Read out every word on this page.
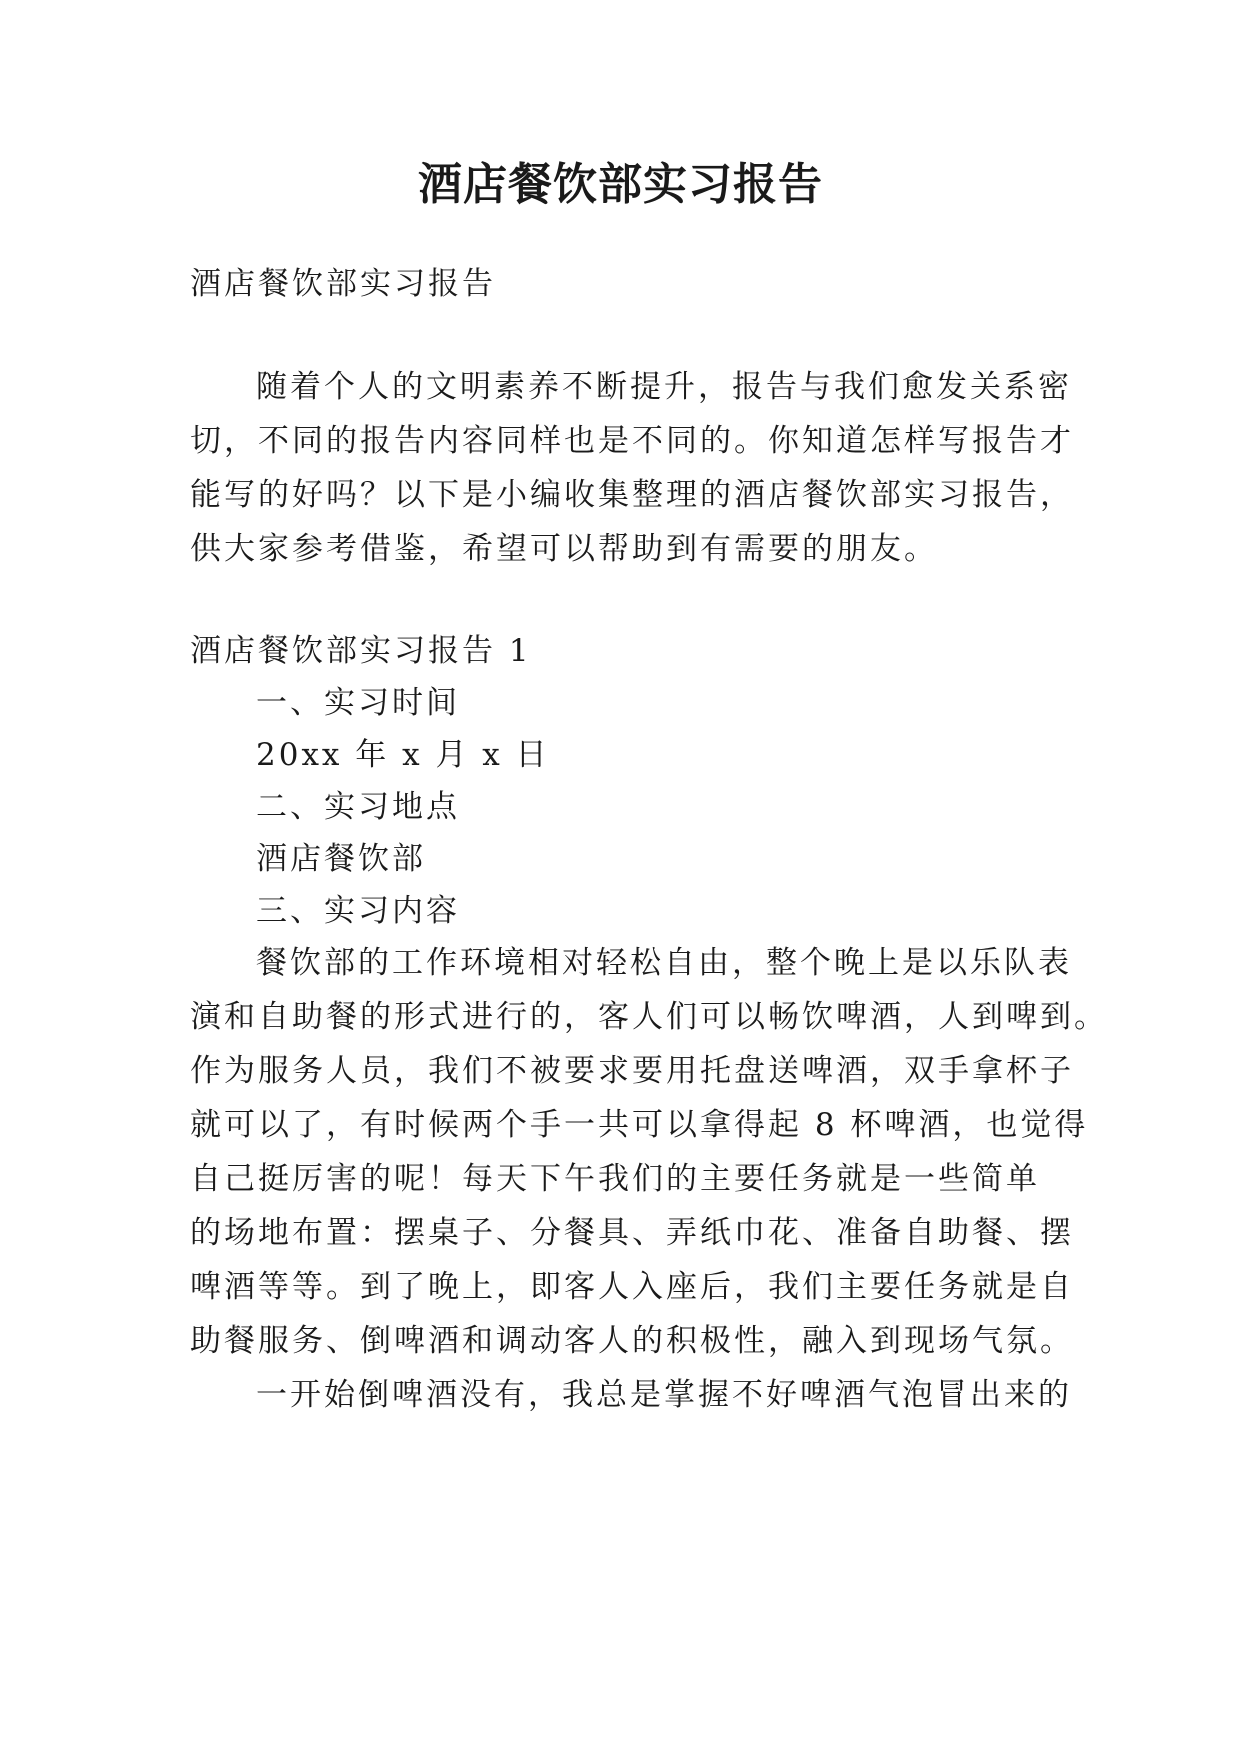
酒店餐饮部实习报告
酒店餐饮部实习报告
随着个人的文明素养不断提升，报告与我们愈发关系密
切，不同的报告内容同样也是不同的。你知道怎样写报告才
能写的好吗？以下是小编收集整理的酒店餐饮部实习报告，
供大家参考借鉴，希望可以帮助到有需要的朋友。
酒店餐饮部实习报告 1
一、实习时间
20xx 年 x 月 x 日
二、实习地点
酒店餐饮部
三、实习内容
餐饮部的工作环境相对轻松自由，整个晚上是以乐队表
演和自助餐的形式进行的，客人们可以畅饮啤酒，人到啤到。
作为服务人员，我们不被要求要用托盘送啤酒，双手拿杯子
就可以了，有时候两个手一共可以拿得起 8 杯啤酒，也觉得
自己挺厉害的呢！每天下午我们的主要任务就是一些简单
的场地布置：摆桌子、分餐具、弄纸巾花、准备自助餐、摆
啤酒等等。到了晚上，即客人入座后，我们主要任务就是自
助餐服务、倒啤酒和调动客人的积极性，融入到现场气氛。
一开始倒啤酒没有，我总是掌握不好啤酒气泡冒出来的
